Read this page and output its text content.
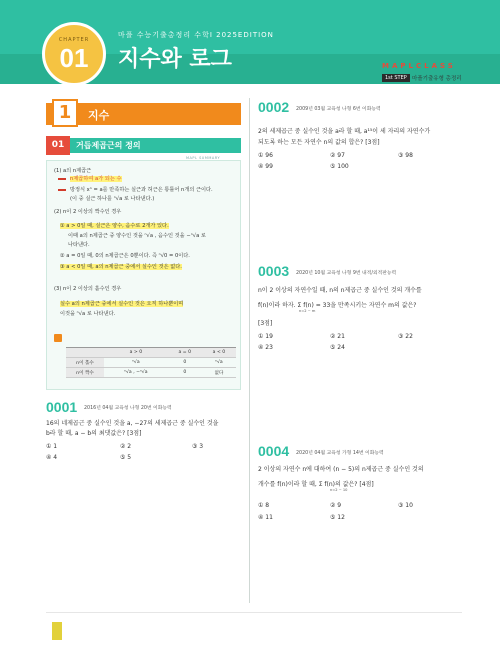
CHAPTER
01
마플 수능기출총정리 수학I 2025EDITION
지수와 로그	MAPLCLASS
1st STEP 마플기출유형 총정리
1	지수
01	거듭제곱근의 정의
MAPL SUMMARY
(1) a의 n제곱근
n제곱하여 a가 되는 수
방정식 xⁿ = a를 만족하는 실근과 허근은 통틀어 n개의 근이다.
(이 중 실근 하나를 ⁿ√a 로 나타낸다.)
(2) n이 2 이상의 짝수인 경우
① a > 0일 때, 실근은 양수, 음수로 2개가 있다.
이때 a의 n제곱근 중 양수인 것을 ⁿ√a , 음수인 것을 −ⁿ√a 로
나타낸다.
② a = 0일 때, 0의 n제곱근은 0뿐이다. 즉 ⁿ√0 = 0이다.
③ a < 0일 때, a의 n제곱근 중에서 실수인 것은 없다.
(3) n이 2 이상의 홀수인 경우
실수 a의 n제곱근 중에서 실수인 것은 오직 하나뿐이며
이것을 ⁿ√a 로 나타낸다.
	a > 0	a = 0	a < 0
n이 홀수	ⁿ√a	0	ⁿ√a
n이 짝수	ⁿ√a , −ⁿ√a	0	없다
0001 2016년 04월 교육청 나형 20번 이화능력
16의 네제곱근 중 실수인 것을 a, −27의 세제곱근 중 실수인 것을
b라 할 때, a − b의 최댓값은? [3점]
① 1	② 2	③ 3
④ 4	⑤ 5
0002 2009년 03월 교육청 나형 6번 이화능력
2의 세제곱근 중 실수인 것을 a라 할 때, a¹⁵이 세 자리의 자연수가
되도록 하는 모든 자연수 n의 값의 합은? [3점]
① 96	② 97	③ 98
④ 99	⑤ 100
0003 2020년 10월 교육청 나형 9번 내적/외적판능력
n이 2 이상의 자연수일 때, n의 n제곱근 중 실수인 것의 개수를
f(n)이라 하자. Σ f(n) = 33을 만족시키는 자연수 m의 값은?
n=2 ~ m
[3점]
① 19	② 21	③ 22
④ 23	⑤ 24
0004 2020년 04월 교육청 가형 14번 이화능력
2 이상의 자연수 n에 대하여 (n − 5)의 n제곱근 중 실수인 것의
개수를 f(n)이라 할 때, Σ f(n)의 값은? [4점]
n=2 ~ 10
① 8	② 9	③ 10
④ 11	⑤ 12
